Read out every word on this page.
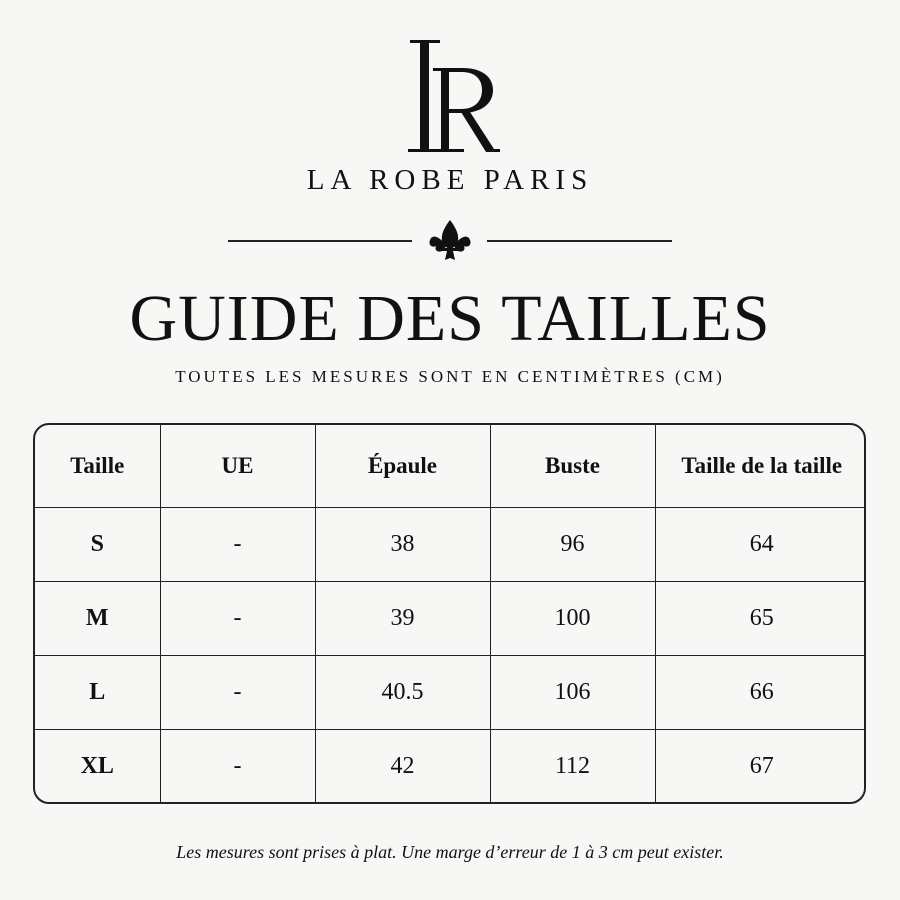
LA ROBE PARIS
GUIDE DES TAILLES
TOUTES LES MESURES SONT EN CENTIMÈTRES (CM)
Taille	UE	Épaule	Buste	Taille de la taille
S	-	38	96	64
M	-	39	100	65
L	-	40.5	106	66
XL	-	42	112	67
Les mesures sont prises à plat. Une marge d’erreur de 1 à 3 cm peut exister.
